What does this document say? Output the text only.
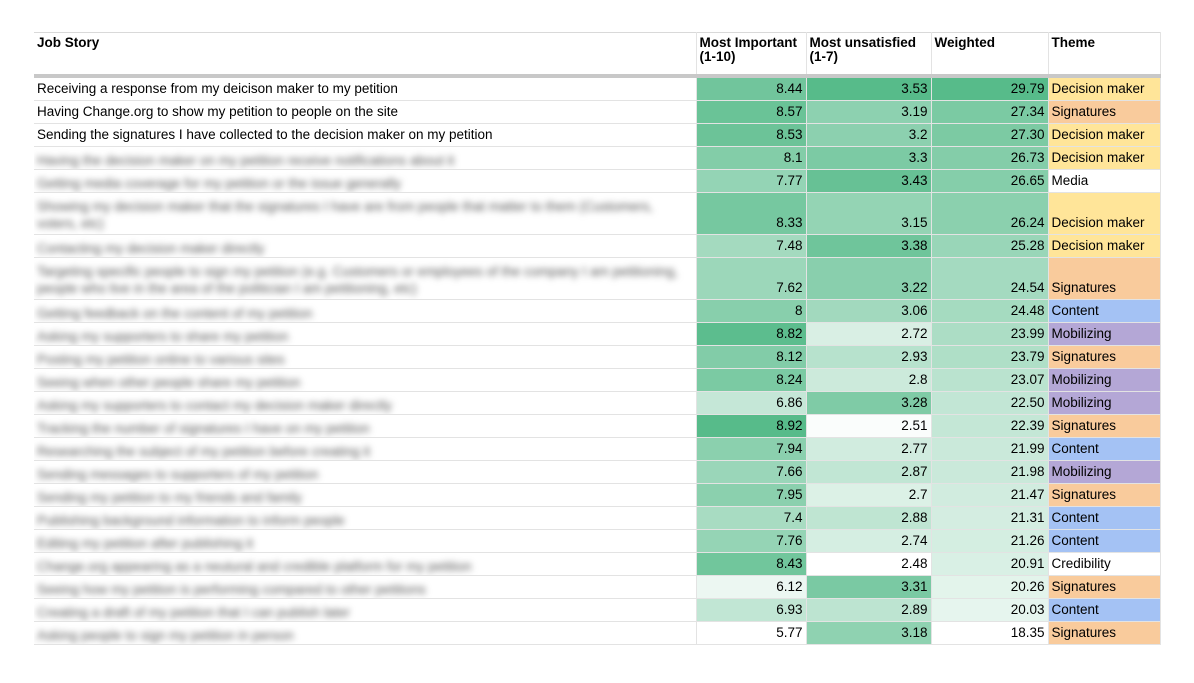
Job Story	Most Important (1-10)	Most unsatisfied (1-7)	Weighted	Theme
Receiving a response from my deicison maker to my petition	8.44	3.53	29.79	Decision maker
Having Change.org to show my petition to people on the site	8.57	3.19	27.34	Signatures
Sending the signatures I have collected to the decision maker on my petition	8.53	3.2	27.30	Decision maker
Having the decision maker on my petition receive notifications about it	8.1	3.3	26.73	Decision maker
Getting media coverage for my petition or the issue generally	7.77	3.43	26.65	Media
Showing my decision maker that the signatures I have are from people that matter to them (Customers, voters, etc)	8.33	3.15	26.24	Decision maker
Contacting my decision maker directly	7.48	3.38	25.28	Decision maker
Targeting specific people to sign my petition (e.g. Customers or employees of the company I am petitioning, people who live in the area of the politician I am petitioning, etc)	7.62	3.22	24.54	Signatures
Getting feedback on the content of my petition	8	3.06	24.48	Content
Asking my supporters to share my petition	8.82	2.72	23.99	Mobilizing
Posting my petition online to various sites	8.12	2.93	23.79	Signatures
Seeing when other people share my petition	8.24	2.8	23.07	Mobilizing
Asking my supporters to contact my decision maker directly	6.86	3.28	22.50	Mobilizing
Tracking the number of signatures I have on my petition	8.92	2.51	22.39	Signatures
Researching the subject of my petition before creating it	7.94	2.77	21.99	Content
Sending messages to supporters of my petition	7.66	2.87	21.98	Mobilizing
Sending my petition to my friends and family	7.95	2.7	21.47	Signatures
Publishing background information to inform people	7.4	2.88	21.31	Content
Editing my petition after publishing it	7.76	2.74	21.26	Content
Change.org appearing as a neutural and credible platform for my petition	8.43	2.48	20.91	Credibility
Seeing how my petition is performing compared to other petitions	6.12	3.31	20.26	Signatures
Creating a draft of my petition that I can publish later	6.93	2.89	20.03	Content
Asking people to sign my petition in person	5.77	3.18	18.35	Signatures
